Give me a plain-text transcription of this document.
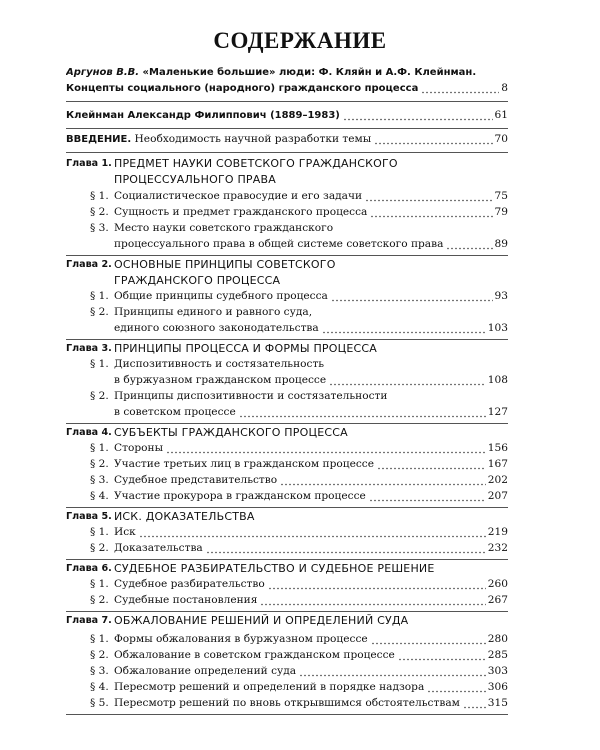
СОДЕРЖАНИЕ
Аргунов В.В. «Маленькие большие» люди: Ф. Кляйн и А.Ф. Клейнман.
Концепты социального (народного) гражданского процесса	8
Клейнман Александр Филиппович (1889–1983)	61
ВВЕДЕНИЕ. Необходимость научной разработки темы	70
Глава 1. ПРЕДМЕТ НАУКИ СОВЕТСКОГО ГРАЖДАНСКОГО
ПРОЦЕССУАЛЬНОГО ПРАВА
§ 1. Социалистическое правосудие и его задачи	75
§ 2. Сущность и предмет гражданского процесса	79
§ 3. Место науки советского гражданского
процессуального права в общей системе советского права	89
Глава 2. ОСНОВНЫЕ ПРИНЦИПЫ СОВЕТСКОГО
ГРАЖДАНСКОГО ПРОЦЕССА
§ 1. Общие принципы судебного процесса	93
§ 2. Принципы единого и равного суда,
единого союзного законодательства	103
Глава 3. ПРИНЦИПЫ ПРОЦЕССА И ФОРМЫ ПРОЦЕССА
§ 1. Диспозитивность и состязательность
в буржуазном гражданском процессе	108
§ 2. Принципы диспозитивности и состязательности
в советском процессе	127
Глава 4. СУБЪЕКТЫ ГРАЖДАНСКОГО ПРОЦЕССА
§ 1. Стороны	156
§ 2. Участие третьих лиц в гражданском процессе	167
§ 3. Судебное представительство	202
§ 4. Участие прокурора в гражданском процессе	207
Глава 5. ИСК. ДОКАЗАТЕЛЬСТВА
§ 1. Иск	219
§ 2. Доказательства	232
Глава 6. СУДЕБНОЕ РАЗБИРАТЕЛЬСТВО И СУДЕБНОЕ РЕШЕНИЕ
§ 1. Судебное разбирательство	260
§ 2. Судебные постановления	267
Глава 7. ОБЖАЛОВАНИЕ РЕШЕНИЙ И ОПРЕДЕЛЕНИЙ СУДА
§ 1. Формы обжалования в буржуазном процессе	280
§ 2. Обжалование в советском гражданском процессе	285
§ 3. Обжалование определений суда	303
§ 4. Пересмотр решений и определений в порядке надзора	306
§ 5. Пересмотр решений по вновь открывшимся обстоятельствам	315
